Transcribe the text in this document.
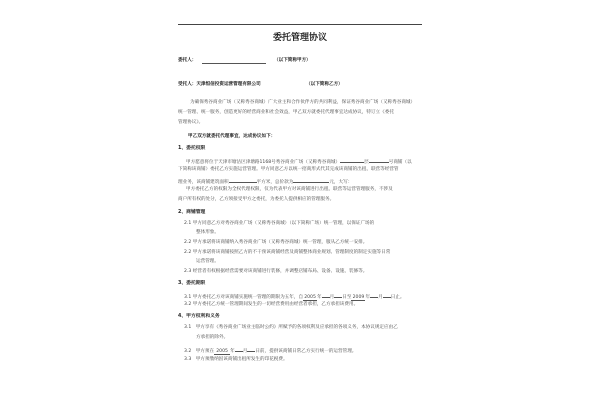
委托管理协议
委托人：	（以下简称甲方）
受托人：天津恒信投资运营管理有限公司	（以下简称乙方）
为确保秀谷商业广场（又称秀谷商城）广大业主和合作伙伴方的共同利益，保证秀谷商业广场（又称秀谷商城）
统一管理、统一服务，创造更好的经营商业和社会效益，甲乙双方就委托代理事宜达成协议，特订立《委托
管理协议》。
甲乙双方就委托代理事宜，达成协议如下：
1、委托权限
甲方愿意将位于天津市塘沽区津塘路1168号秀谷商业广场（又称秀谷商城）	层	号商铺（以
下简称该商铺）委托乙方实施运营管理。甲方同意乙方以统一招商形式代其完成该商铺的出租、联营等经营管
理业务，该商铺建筑面积	平方米，总价款为	元，大写：
甲方委托乙方的权限为全权代理权限，仅为代表甲方对该商铺进行出租、联营等运营管理服务，不涉及
商户所有权的处分，乙方须接受甲方之委托，为委托人提供相应的管理服务。
2、商铺管理
2.1 甲方同意乙方对秀谷商业广场（又称秀谷商城）（以下简称广场）统一管理，以保证广场的
整体形象。
2.2 甲方承诺将该商铺纳入秀谷商业广场（又称秀谷商城）统一管理，服从乙方统一安排。
2.2 甲方承诺将该商铺按照乙方的不干预该商铺经营及商铺整体商业规划、管理制度的制定实施等日常
运营管理。
2.3 经营者有权根据经营需要对该商铺进行装修，并调整店铺布局、设备、设施、装修等。
3、委托期限
3.1 甲方委托乙方对该商铺实施统一管理的期限为五年，自2005年 月 日至2009年 月 日止。
3.2 甲方委托乙方统一管理期间发生的一切经营费用由经营者承担，乙方承担该费用。
4、甲方权利和义务
3.1 甲方享有《秀谷商业广场业主临时公约》所赋予的各项权利及应承担的各项义务，本协议规定应由乙
方承担的除外。
3.2 甲方须在 2005 年 月 日前，提供该商铺日常乙方实行统一的运营管理。
3.3 甲方须缴纳因该商铺出租所发生的印花税费。
